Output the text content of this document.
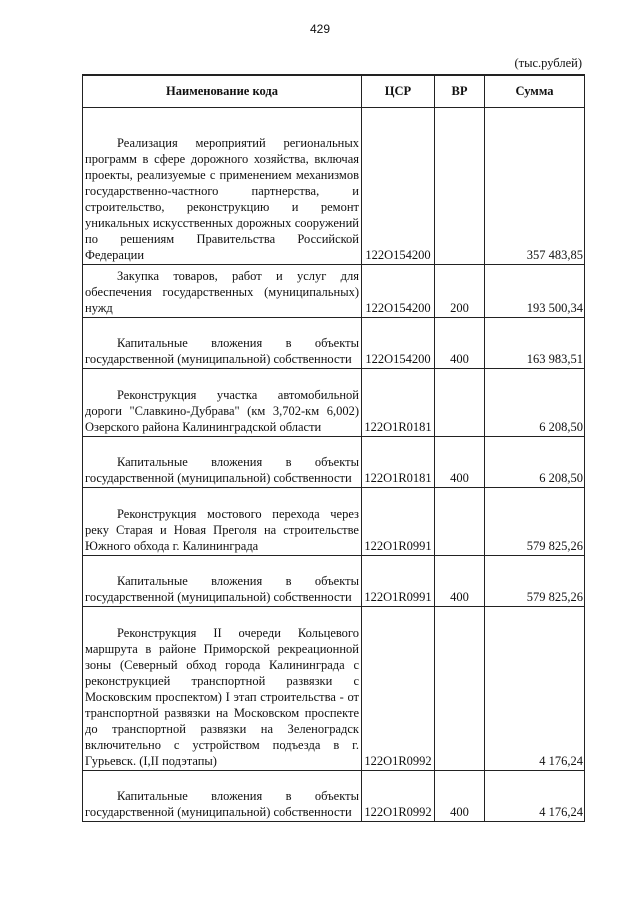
429
(тыс.рублей)
Наименование кода	ЦСР	ВР	Сумма

Реализация мероприятий региональных программ в сфере дорожного хозяйства, включая проекты, реализуемые с применением механизмов государственно-частного партнерства, и строительство, реконструкцию и ремонт уникальных искусственных дорожных сооружений по решениям Правительства Российской Федерации	122O154200		357 483,85

Закупка товаров, работ и услуг для обеспечения государственных (муниципальных) нужд	122O154200	200	193 500,34

Капитальные вложения в объекты государственной (муниципальной) собственности	122O154200	400	163 983,51

Реконструкция участка автомобильной дороги "Славкино-Дубрава" (км 3,702-км 6,002) Озерского района Калининградской области	122O1R0181		6 208,50

Капитальные вложения в объекты государственной (муниципальной) собственности	122O1R0181	400	6 208,50

Реконструкция мостового перехода через реку Старая и Новая Преголя на строительстве Южного обхода г. Калининграда	122O1R0991		579 825,26

Капитальные вложения в объекты государственной (муниципальной) собственности	122O1R0991	400	579 825,26

Реконструкция II очереди Кольцевого маршрута в районе Приморской рекреационной зоны (Северный обход города Калининграда с реконструкцией транспортной развязки с Московским проспектом) I этап строительства - от транспортной развязки на Московском проспекте до транспортной развязки на Зеленоградск включительно с устройством подъезда в г. Гурьевск. (I,II подэтапы)	122O1R0992		4 176,24

Капитальные вложения в объекты государственной (муниципальной) собственности	122O1R0992	400	4 176,24
